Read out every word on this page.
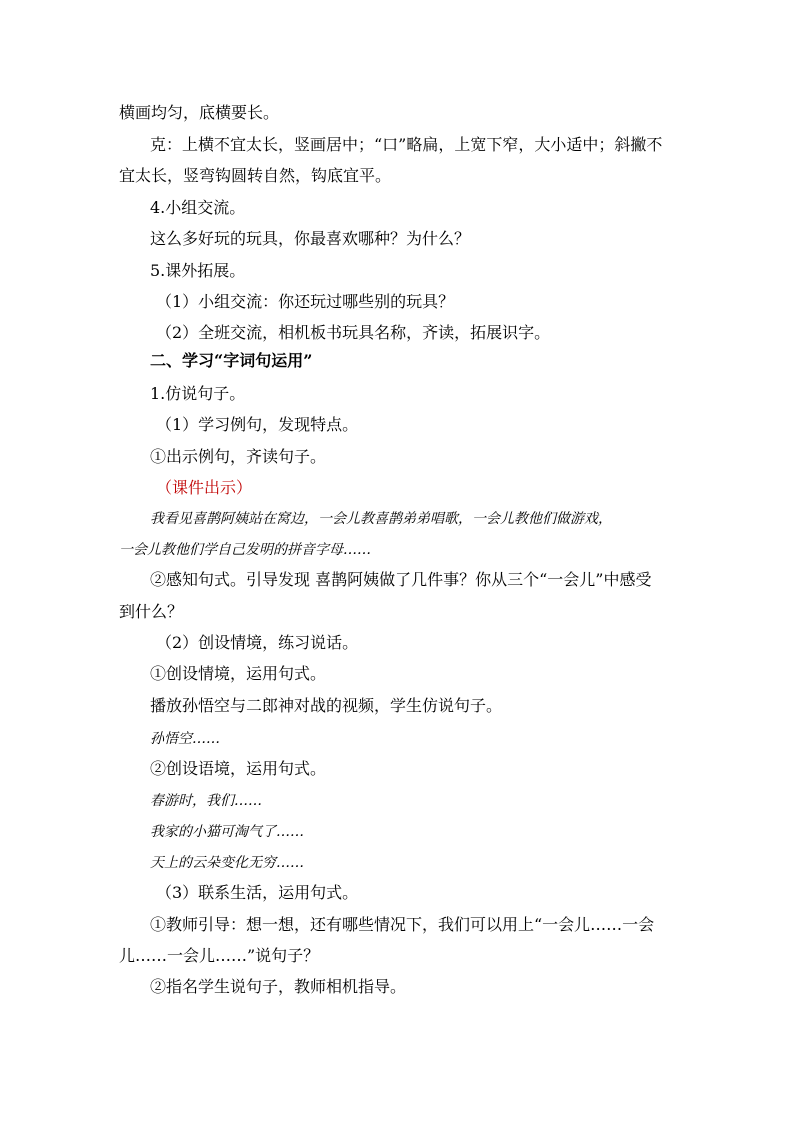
横画均匀，底横要长。
克：上横不宜太长，竖画居中；“口”略扁，上宽下窄，大小适中；斜撇不
宜太长，竖弯钩圆转自然，钩底宜平。
4.小组交流。
这么多好玩的玩具，你最喜欢哪种？为什么？
5.课外拓展。
（1）小组交流：你还玩过哪些别的玩具？
（2）全班交流，相机板书玩具名称，齐读，拓展识字。
二、学习“字词句运用”
1.仿说句子。
（1）学习例句，发现特点。
①出示例句，齐读句子。
（课件出示）
我看见喜鹊阿姨站在窝边，一会儿教喜鹊弟弟唱歌，一会儿教他们做游戏，
一会儿教他们学自己发明的拼音字母……
②感知句式。引导发现 喜鹊阿姨做了几件事？你从三个“一会儿”中感受
到什么？
（2）创设情境，练习说话。
①创设情境，运用句式。
播放孙悟空与二郎神对战的视频，学生仿说句子。
孙悟空……
②创设语境，运用句式。
春游时，我们……
我家的小猫可淘气了……
天上的云朵变化无穷……
（3）联系生活，运用句式。
①教师引导：想一想，还有哪些情况下，我们可以用上“一会儿……一会
儿……一会儿……”说句子？
②指名学生说句子，教师相机指导。
